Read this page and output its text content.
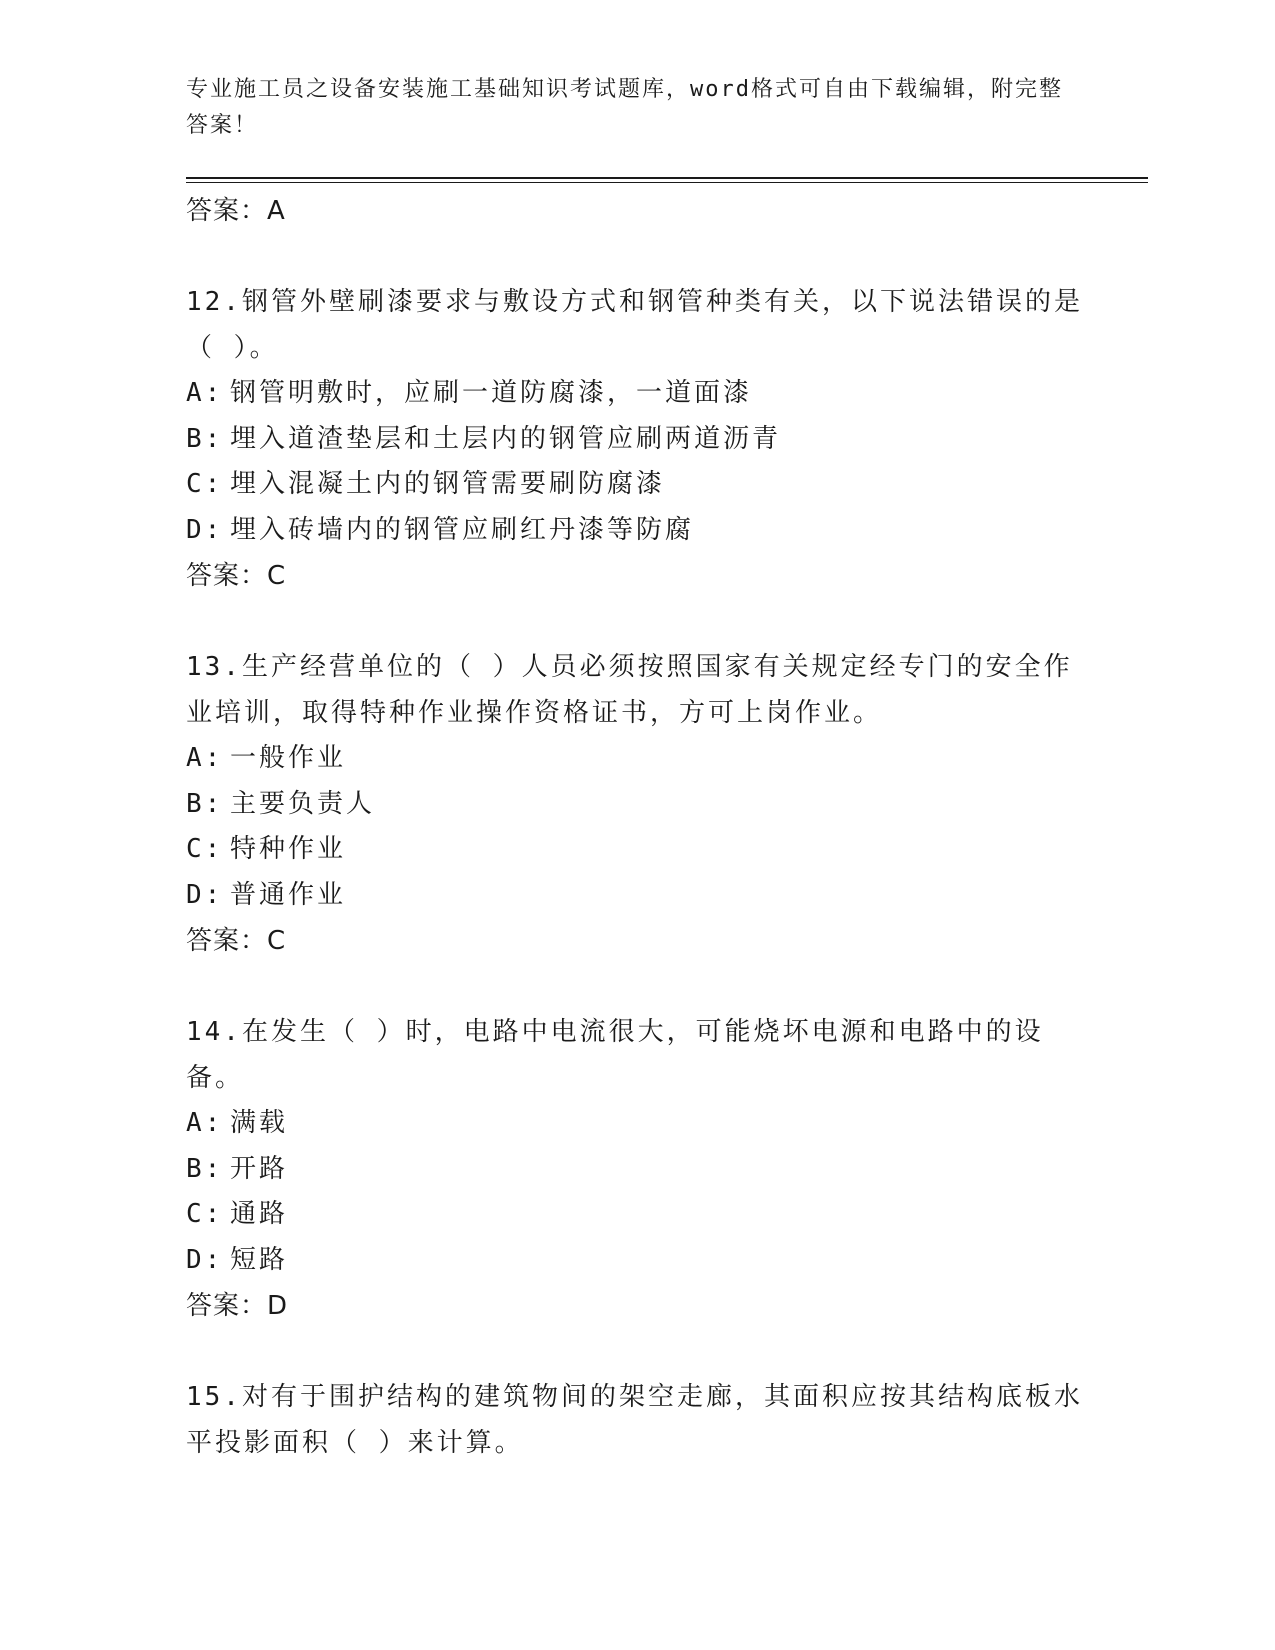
专业施工员之设备安装施工基础知识考试题库，word格式可自由下载编辑，附完整答案！
答案：A
12.钢管外壁刷漆要求与敷设方式和钢管种类有关，以下说法错误的是（ ）。
A: 钢管明敷时，应刷一道防腐漆，一道面漆
B: 埋入道渣垫层和土层内的钢管应刷两道沥青
C: 埋入混凝土内的钢管需要刷防腐漆
D: 埋入砖墙内的钢管应刷红丹漆等防腐
答案：C
13.生产经营单位的（ ）人员必须按照国家有关规定经专门的安全作业培训，取得特种作业操作资格证书，方可上岗作业。
A: 一般作业
B: 主要负责人
C: 特种作业
D: 普通作业
答案：C
14.在发生（ ）时，电路中电流很大，可能烧坏电源和电路中的设备。
A: 满载
B: 开路
C: 通路
D: 短路
答案：D
15.对有于围护结构的建筑物间的架空走廊，其面积应按其结构底板水平投影面积（ ）来计算。
